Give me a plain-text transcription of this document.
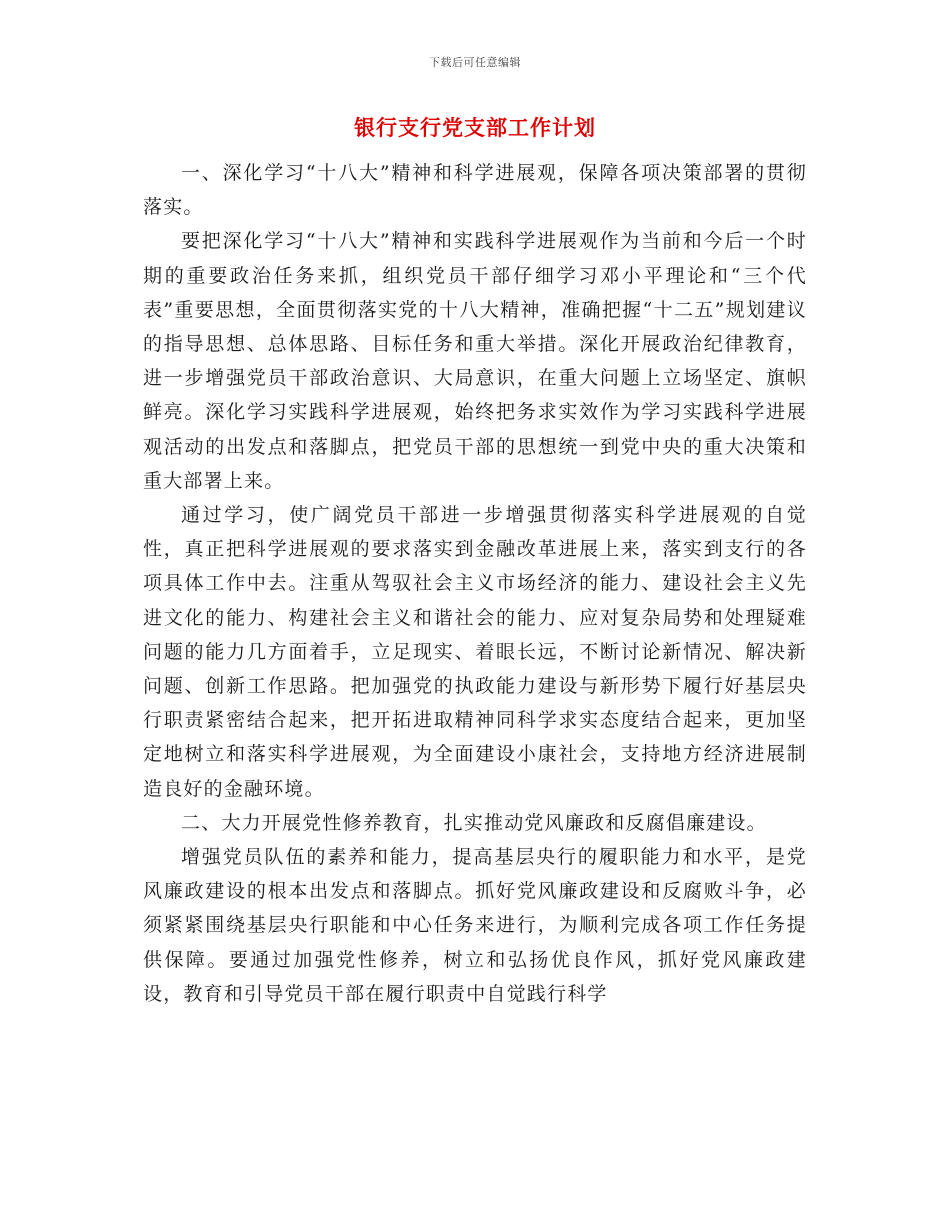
下载后可任意编辑
银行支行党支部工作计划

一、深化学习“十八大”精神和科学进展观，保障各项决策部署的贯彻落实。

要把深化学习“十八大”精神和实践科学进展观作为当前和今后一个时期的重要政治任务来抓，组织党员干部仔细学习邓小平理论和“三个代表”重要思想，全面贯彻落实党的十八大精神，准确把握“十二五”规划建议的指导思想、总体思路、目标任务和重大举措。深化开展政治纪律教育，进一步增强党员干部政治意识、大局意识，在重大问题上立场坚定、旗帜鲜亮。深化学习实践科学进展观，始终把务求实效作为学习实践科学进展观活动的出发点和落脚点，把党员干部的思想统一到党中央的重大决策和重大部署上来。

通过学习，使广阔党员干部进一步增强贯彻落实科学进展观的自觉性，真正把科学进展观的要求落实到金融改革进展上来，落实到支行的各项具体工作中去。注重从驾驭社会主义市场经济的能力、建设社会主义先进文化的能力、构建社会主义和谐社会的能力、应对复杂局势和处理疑难问题的能力几方面着手，立足现实、着眼长远，不断讨论新情况、解决新问题、创新工作思路。把加强党的执政能力建设与新形势下履行好基层央行职责紧密结合起来，把开拓进取精神同科学求实态度结合起来，更加坚定地树立和落实科学进展观，为全面建设小康社会，支持地方经济进展制造良好的金融环境。

二、大力开展党性修养教育，扎实推动党风廉政和反腐倡廉建设。

增强党员队伍的素养和能力，提高基层央行的履职能力和水平，是党风廉政建设的根本出发点和落脚点。抓好党风廉政建设和反腐败斗争，必须紧紧围绕基层央行职能和中心任务来进行，为顺利完成各项工作任务提供保障。要通过加强党性修养，树立和弘扬优良作风，抓好党风廉政建设，教育和引导党员干部在履行职责中自觉践行科学
